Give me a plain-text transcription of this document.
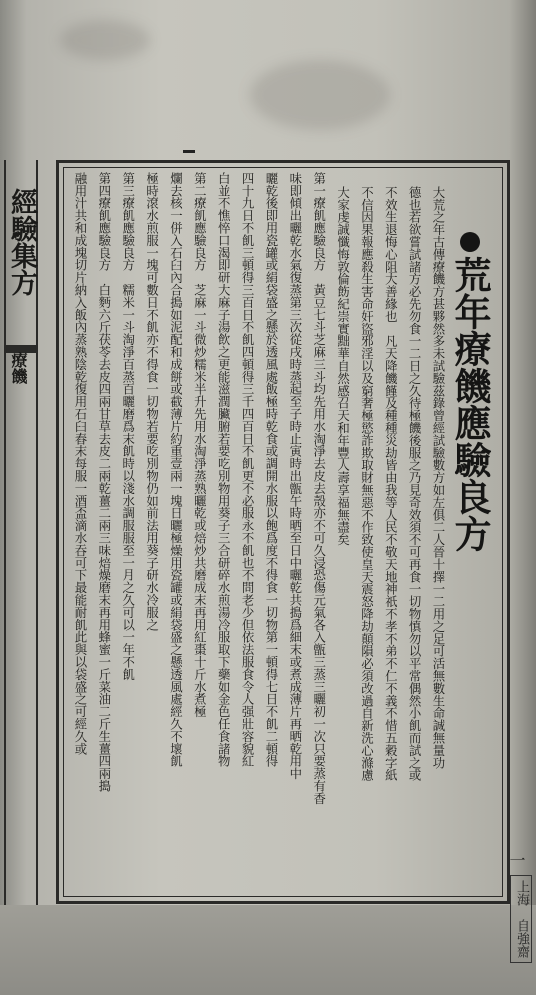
經驗集方
療饑	荒年療饑應驗良方
大荒之年古傳療饑方甚夥然多未試驗茲錄曾經試驗數方如左俱二人晉十擇一二用之足可活無數生命誠無量功
德也若欲嘗試諸方必先勿食一二日之久待極饑後服之乃見奇效須不可再食一切物慎勿以平常偶然小飢而試之或
不效生退悔心阻大善緣也　凡天降饑饉及種種災劫皆由我等人民不敬天地神祇不孝不弟不仁不義不惜五穀字紙
不信因果報應殺生害命奸盜邪淫以及窮奢極慾詐欺取財無惡不作致使皇天震怒降劫顛隕必須改過自新洗心滌慮
大家虔誠懺悔敦倫飭紀崇實黜華自然感召天和年豐人壽享福無盡矣
第一療飢應驗良方　黃豆七斗芝麻三斗均先用水淘淨去皮去殼亦不可久浸恐傷元氣各入甑三蒸三曬初一次只要蒸有香
味即傾出曬乾水氣復蒸第三次從戌時蒸起至子時止寅時出甑午時晒至日中曬乾共搗爲細末或煮成薄片再晒乾用中
曬乾後即用瓷罐或絹袋盛之懸於透風處飯極時乾食或調開水服以飽爲度不得食一切物第一頓得七日不飢二頓得
四十九日不飢三頓得三百日不飢四頓得三千四百日不飢更不必服永不飢也不問老少但依法服食令人强壯容貌紅
白並不憔悴口渴即研大麻子湯飲之更能滋潤臟腑若要吃別物用葵子三合研碎水煎湯冷服取下藥如金色任食諸物
第二療飢應驗良方　芝麻一斗微炒糯米半升先用水淘淨蒸熟曬乾或焙炒共磨成末再用紅棗十斤水煮極
爛去核一併入石臼內合搗如泥配和成餅或截薄片約重壹兩一塊日曬極燥用瓷罐或絹袋盛之懸透風處經久不壞飢
極時滾水煎服一塊可數日不飢亦不得食一切物若要吃別物仍如前法用葵子研水冷服之
第三療飢應驗良方　糯米一斗淘淨百蒸百曬磨爲末飢時以淺水調服服至一月之久可以一年不飢
第四療飢應驗良方　白麪六斤茯苓去皮四兩甘草去皮二兩乾薑二兩三味焙燥磨末再用蜂蜜一斤菜油二斤生薑四兩搗
融用汁共和成塊切片納入飯內蒸熟陰乾復用石臼舂末每服一酒盃滴水吞可下最能耐飢此與以袋盛之可經久或
一
上海　自強齋
